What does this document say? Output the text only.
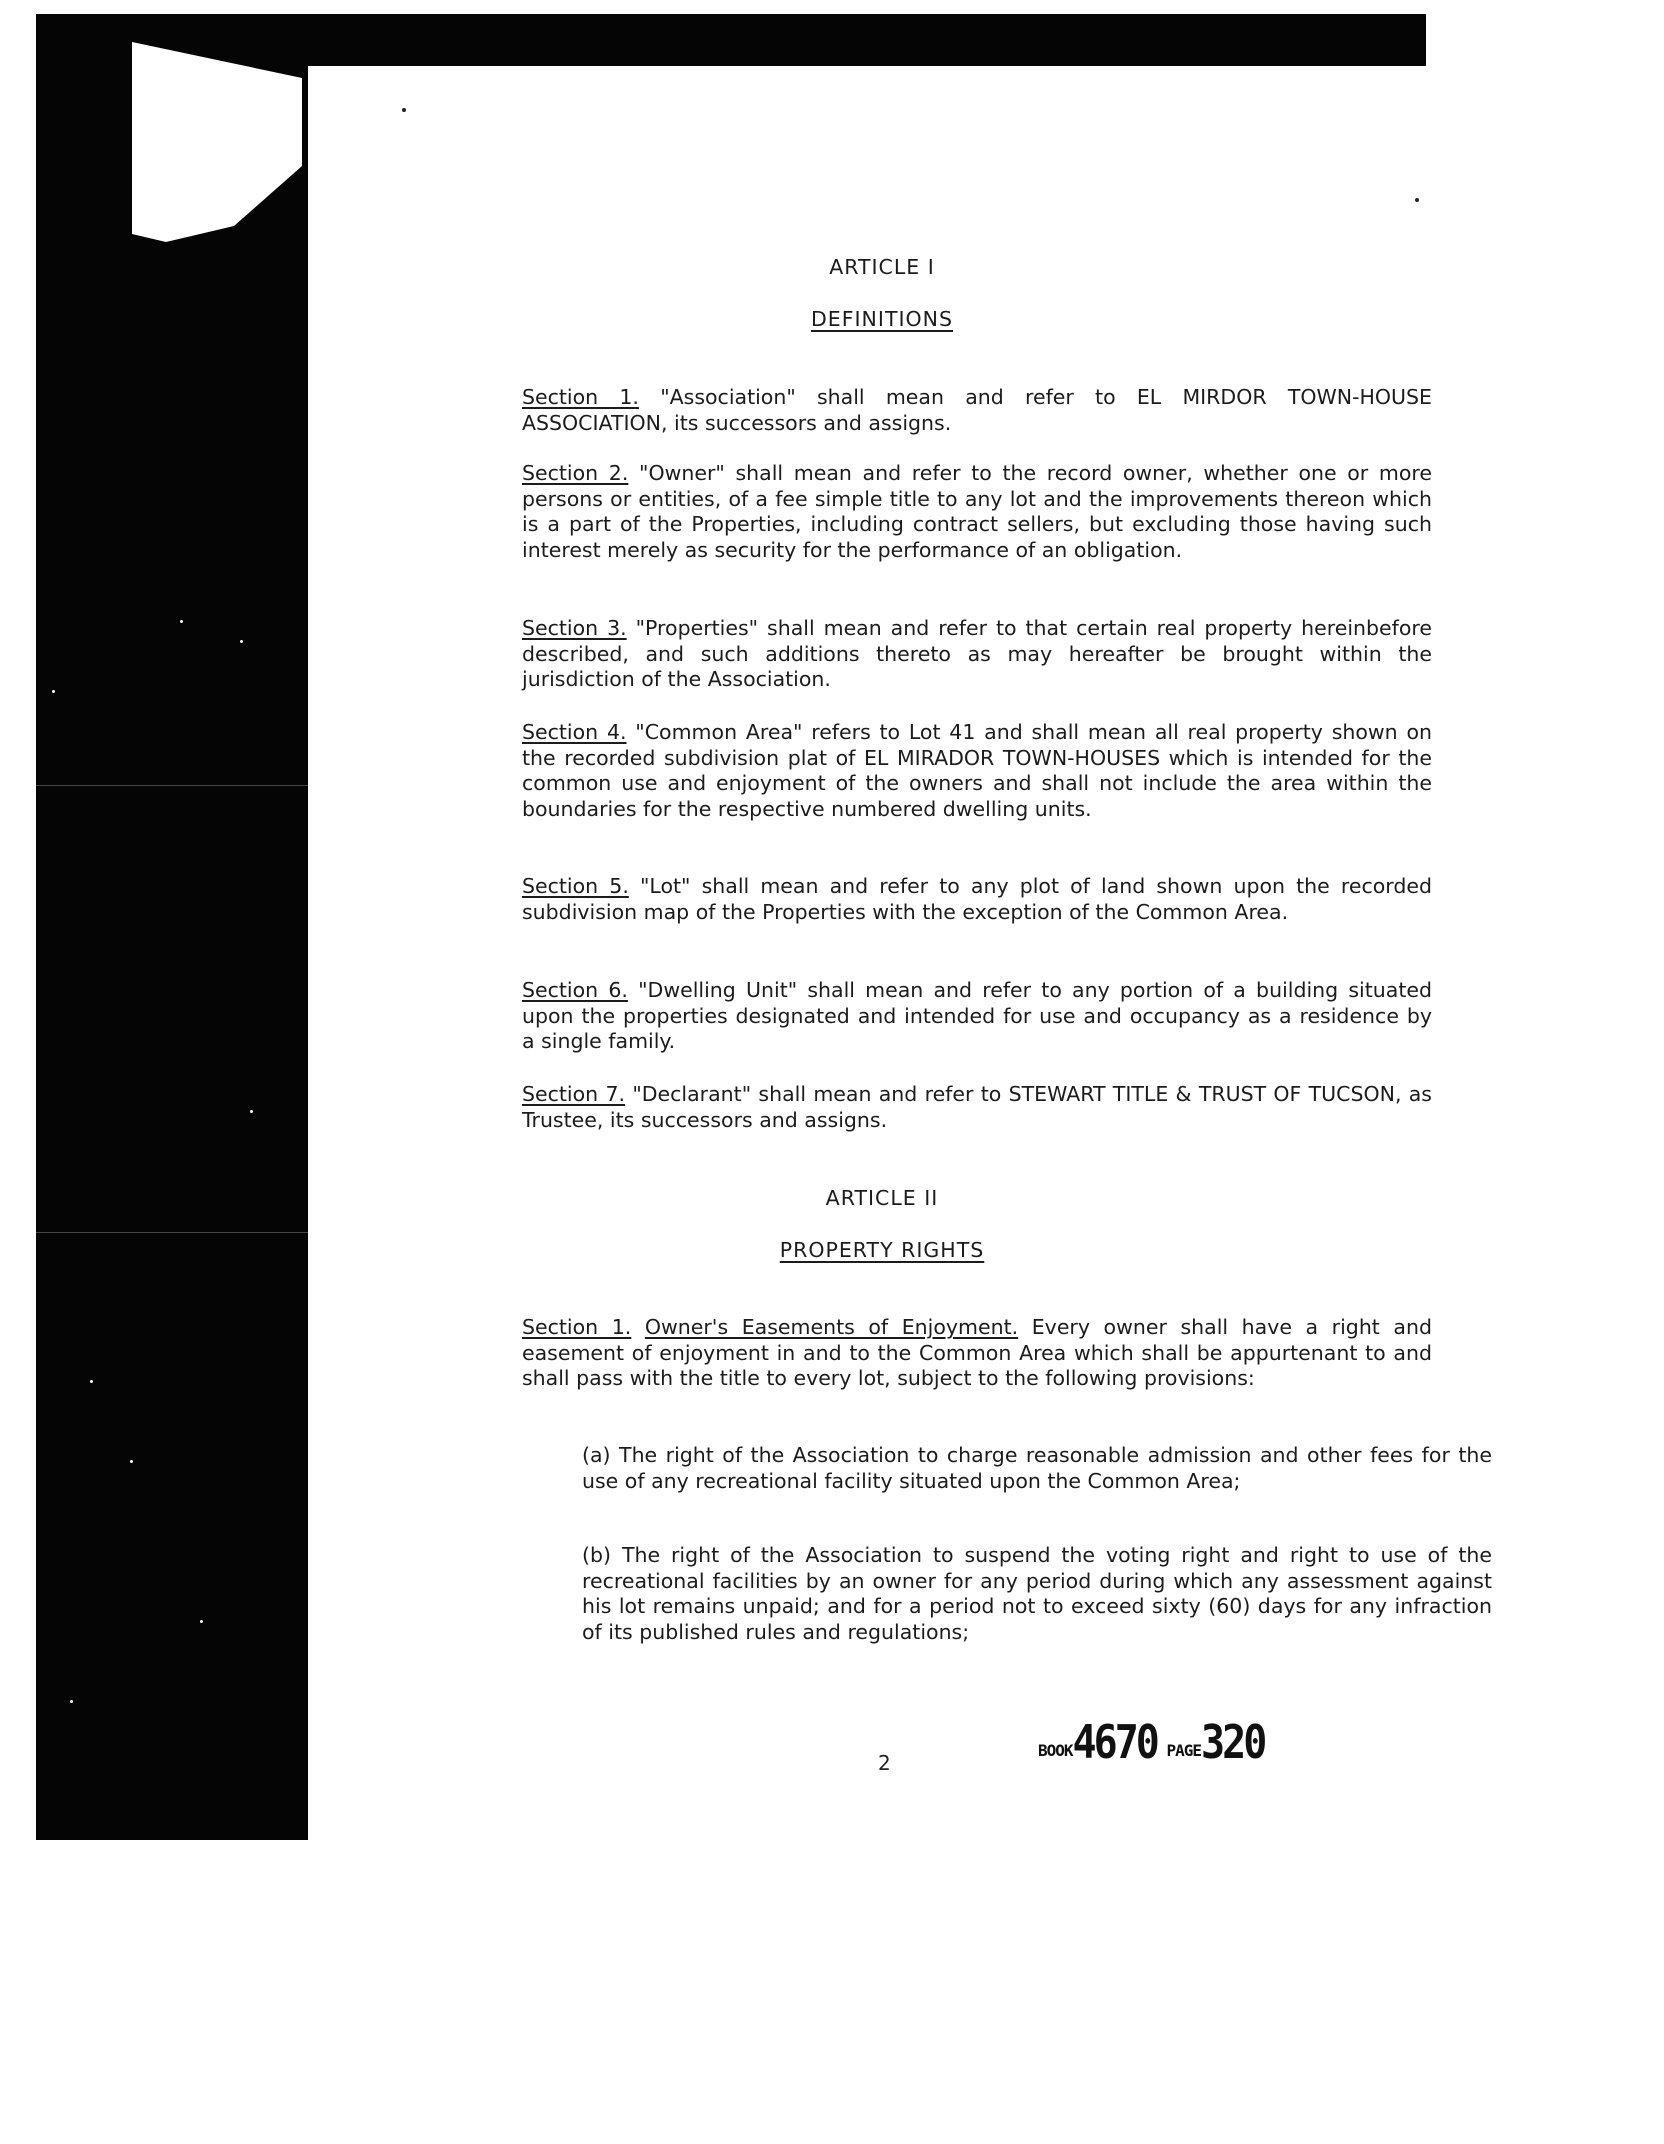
ARTICLE I
DEFINITIONS
Section 1. "Association" shall mean and refer to EL MIRDOR TOWN-HOUSE ASSOCIATION, its successors and assigns.
Section 2. "Owner" shall mean and refer to the record owner, whether one or more persons or entities, of a fee simple title to any lot and the improvements thereon which is a part of the Properties, including contract sellers, but excluding those having such interest merely as security for the performance of an obligation.
Section 3. "Properties" shall mean and refer to that certain real property hereinbefore described, and such additions thereto as may hereafter be brought within the jurisdiction of the Association.
Section 4. "Common Area" refers to Lot 41 and shall mean all real property shown on the recorded subdivision plat of EL MIRADOR TOWN-HOUSES which is intended for the common use and enjoyment of the owners and shall not include the area within the boundaries for the respective numbered dwelling units.
Section 5. "Lot" shall mean and refer to any plot of land shown upon the recorded subdivision map of the Properties with the exception of the Common Area.
Section 6. "Dwelling Unit" shall mean and refer to any portion of a building situated upon the properties designated and intended for use and occupancy as a residence by a single family.
Section 7. "Declarant" shall mean and refer to STEWART TITLE & TRUST OF TUCSON, as Trustee, its successors and assigns.
ARTICLE II
PROPERTY RIGHTS
Section 1. Owner's Easements of Enjoyment. Every owner shall have a right and easement of enjoyment in and to the Common Area which shall be appurtenant to and shall pass with the title to every lot, subject to the following provisions:
(a) The right of the Association to charge reasonable admission and other fees for the use of any recreational facility situated upon the Common Area;
(b) The right of the Association to suspend the voting right and right to use of the recreational facilities by an owner for any period during which any assessment against his lot remains unpaid; and for a period not to exceed sixty (60) days for any infraction of its published rules and regulations;
2
BOOK4670 PAGE320
